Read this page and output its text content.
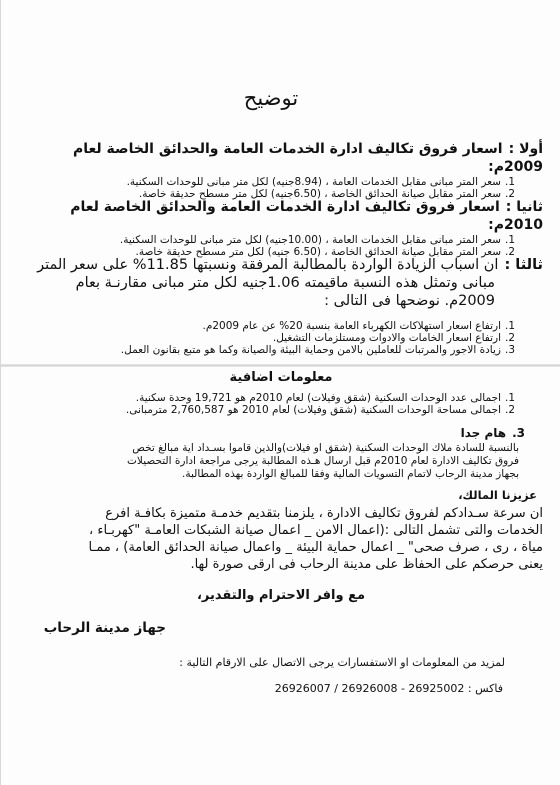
توضيح
أولا :اسعار فروق تكاليف ادارة الخدمات العامة والحدائق الخاصة لعام 2009م:
1.سعر المتر مبانى مقابل الخدمات العامة ، (8.94جنيه) لكل متر مبانى للوحدات السكنية.
2.سعر المتر مقابل صيانة الحدائق الخاصة ، (6.50جنيه) لكل متر مسطح حديقة خاصة.
ثانيا :اسعار فروق تكاليف ادارة الخدمات العامة والحدائق الخاصة لعام 2010م:
1.سعر المتر مبانى مقابل الخدمات العامة ، (10.00جنيه) لكل متر مبانى للوحدات السكنية.
2.سعر المتر مقابل صيانة الحدائق الخاصة ، (6.50 جنيه) لكل متر مسطح حديقة خاصة.
ثالثا :ان اسباب الزيادة الواردة بالمطالبة المرفقة ونسبتها 11.85% على سعر المتر
مبانى وتمثل هذه النسبة ماقيمته 1.06جنيه لكل متر مبانى مقارنـة بعام
2009م. نوضحها فى التالى :
1.ارتفاع اسعار استهلاكات الكهرباء العامة بنسبة 20% عن عام 2009م.
2.ارتفاع اسعار الخامات والادوات ومستلزمات التشغيل.
3.زيادة الاجور والمرتبات للعاملين بالامن وحماية البيئة والصيانة وكما هو متبع بقانون العمل.
معلومات اضافية
1.اجمالى عدد الوحدات السكنية (شقق وفيلات) لعام 2010م هو 19,721 وحدة سكنية.
2.اجمالى مساحة الوحدات السكنية (شقق وفيلات) لعام 2010 هو 2,760,587 مترمبانى.
3.هام جدا
بالنسبة للسادة ملاك الوحدات السكنية (شقق او فيلات)والذين قاموا بسـداد اية مبالغ تخص
فروق تكاليف الادارة لعام 2010م قبل ارسال هـذه المطالبة يرجى مراجعة ادارة التحصيلات
بجهاز مدينة الرحاب لاتمام التسويات المالية وفقا للمبالغ الواردة بهذه المطالبة.
عزيزنا المالك،
ان سرعة سـدادكم لفروق تكاليف الادارة ، يلزمنا بتقديم خدمـة متميزة بكافـة افرع
الخدمات والتى تشمل التالى :(اعمال الامن _ اعمال صيانة الشبكات العامـة "كهربـاء ،
مياة ، رى ، صرف صحى" _ اعمال حماية البيئة _ واعمال صيانة الحدائق العامة) ، ممـا
يعنى حرصكم على الحفاظ على مدينة الرحاب فى ارقى صورة لها.
مع وافر الاحترام والتقدير،
جهاز مدينة الرحاب
لمزيد من المعلومات او الاستفسارات يرجى الاتصال على الارقام التالية :
26926007 / 26926008 - فاكس : 26925002
